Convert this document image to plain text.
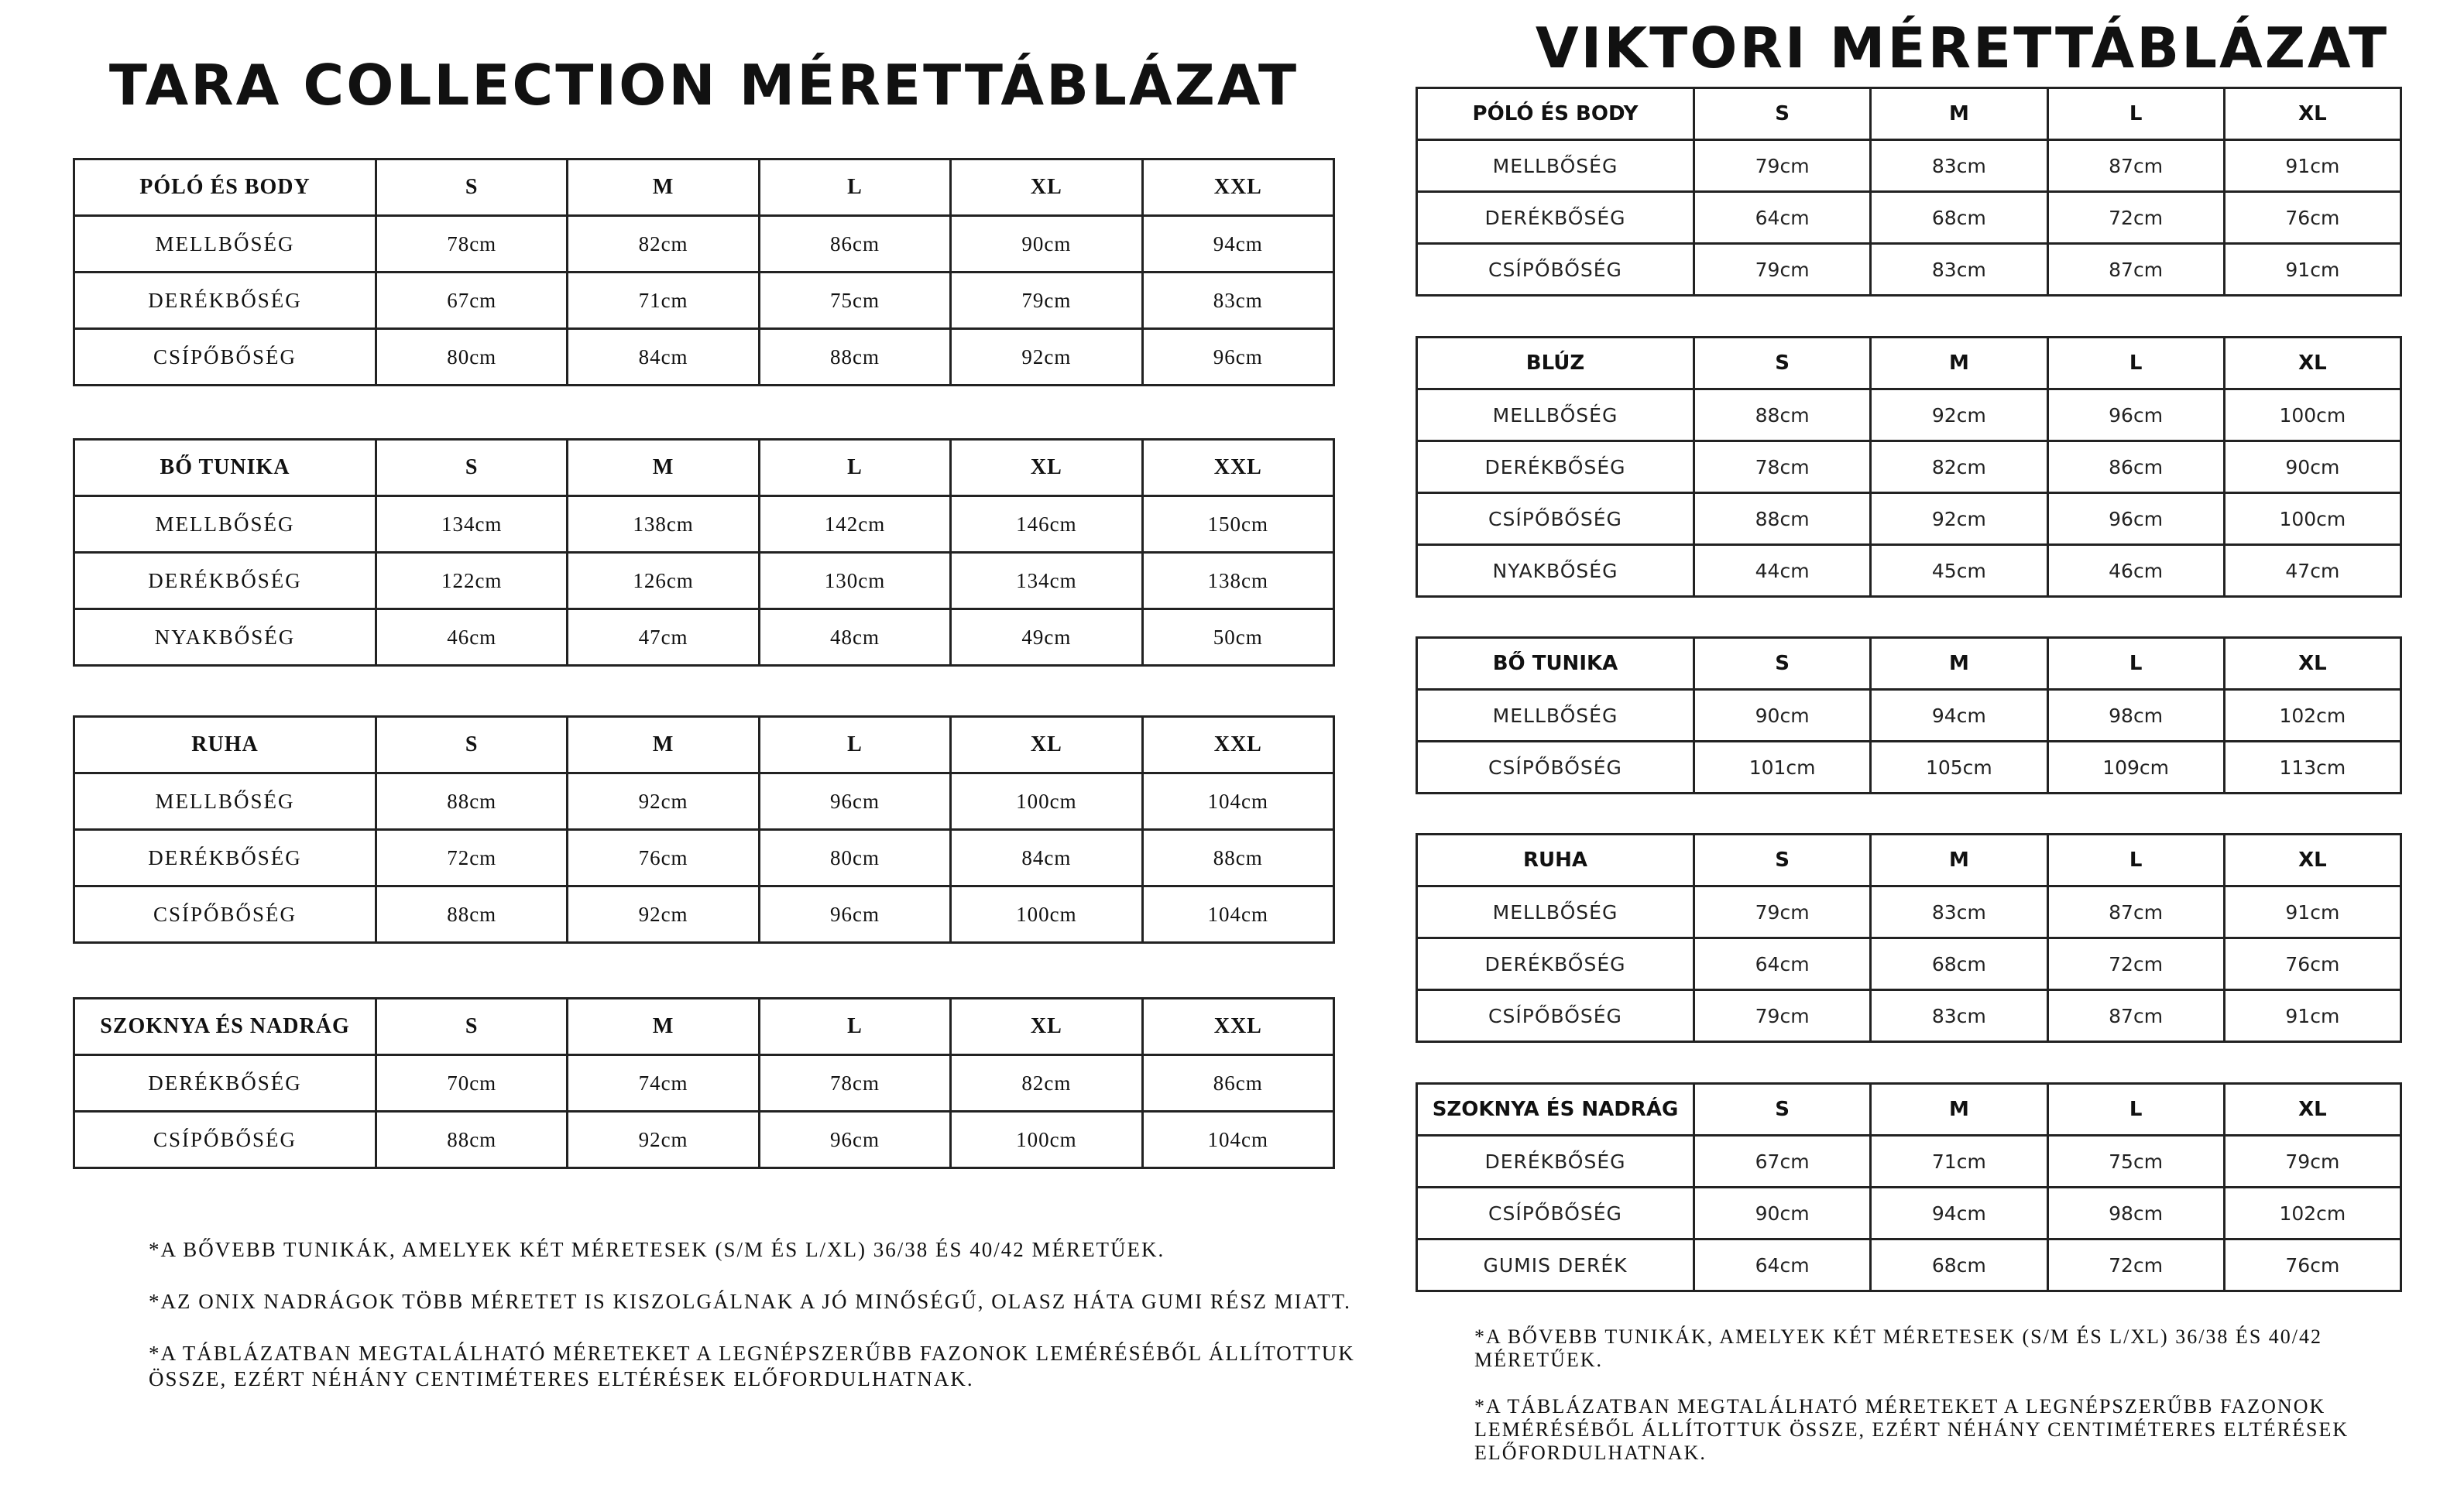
TARA COLLECTION MÉRETTÁBLÁZAT
VIKTORI MÉRETTÁBLÁZAT
PÓLÓ ÉS BODY	S	M	L	XL	XXL
MELLBŐSÉG	78cm	82cm	86cm	90cm	94cm
DERÉKBŐSÉG	67cm	71cm	75cm	79cm	83cm
CSÍPŐBŐSÉG	80cm	84cm	88cm	92cm	96cm
BŐ TUNIKA	S	M	L	XL	XXL
MELLBŐSÉG	134cm	138cm	142cm	146cm	150cm
DERÉKBŐSÉG	122cm	126cm	130cm	134cm	138cm
NYAKBŐSÉG	46cm	47cm	48cm	49cm	50cm
RUHA	S	M	L	XL	XXL
MELLBŐSÉG	88cm	92cm	96cm	100cm	104cm
DERÉKBŐSÉG	72cm	76cm	80cm	84cm	88cm
CSÍPŐBŐSÉG	88cm	92cm	96cm	100cm	104cm
SZOKNYA ÉS NADRÁG	S	M	L	XL	XXL
DERÉKBŐSÉG	70cm	74cm	78cm	82cm	86cm
CSÍPŐBŐSÉG	88cm	92cm	96cm	100cm	104cm

*A BŐVEBB TUNIKÁK, AMELYEK KÉT MÉRETESEK (S/M ÉS L/XL) 36/38 ÉS 40/42 MÉRETŰEK.

*AZ ONIX NADRÁGOK TÖBB MÉRETET IS KISZOLGÁLNAK A JÓ MINŐSÉGŰ, OLASZ HÁTA GUMI RÉSZ MIATT.

*A TÁBLÁZATBAN MEGTALÁLHATÓ MÉRETEKET A LEGNÉPSZERŰBB FAZONOK LEMÉRÉSÉBŐL ÁLLÍTOTTUK ÖSSZE, EZÉRT NÉHÁNY CENTIMÉTERES ELTÉRÉSEK ELŐFORDULHATNAK.

PÓLÓ ÉS BODY	S	M	L	XL
MELLBŐSÉG	79cm	83cm	87cm	91cm
DERÉKBŐSÉG	64cm	68cm	72cm	76cm
CSÍPŐBŐSÉG	79cm	83cm	87cm	91cm
BLÚZ	S	M	L	XL
MELLBŐSÉG	88cm	92cm	96cm	100cm
DERÉKBŐSÉG	78cm	82cm	86cm	90cm
CSÍPŐBŐSÉG	88cm	92cm	96cm	100cm
NYAKBŐSÉG	44cm	45cm	46cm	47cm
BŐ TUNIKA	S	M	L	XL
MELLBŐSÉG	90cm	94cm	98cm	102cm
CSÍPŐBŐSÉG	101cm	105cm	109cm	113cm
RUHA	S	M	L	XL
MELLBŐSÉG	79cm	83cm	87cm	91cm
DERÉKBŐSÉG	64cm	68cm	72cm	76cm
CSÍPŐBŐSÉG	79cm	83cm	87cm	91cm
SZOKNYA ÉS NADRÁG	S	M	L	XL
DERÉKBŐSÉG	67cm	71cm	75cm	79cm
CSÍPŐBŐSÉG	90cm	94cm	98cm	102cm
GUMIS DERÉK	64cm	68cm	72cm	76cm

*A BŐVEBB TUNIKÁK, AMELYEK KÉT MÉRETESEK (S/M ÉS L/XL) 36/38 ÉS 40/42 MÉRETŰEK.

*A TÁBLÁZATBAN MEGTALÁLHATÓ MÉRETEKET A LEGNÉPSZERŰBB FAZONOK LEMÉRÉSÉBŐL ÁLLÍTOTTUK ÖSSZE, EZÉRT NÉHÁNY CENTIMÉTERES ELTÉRÉSEK ELŐFORDULHATNAK.
